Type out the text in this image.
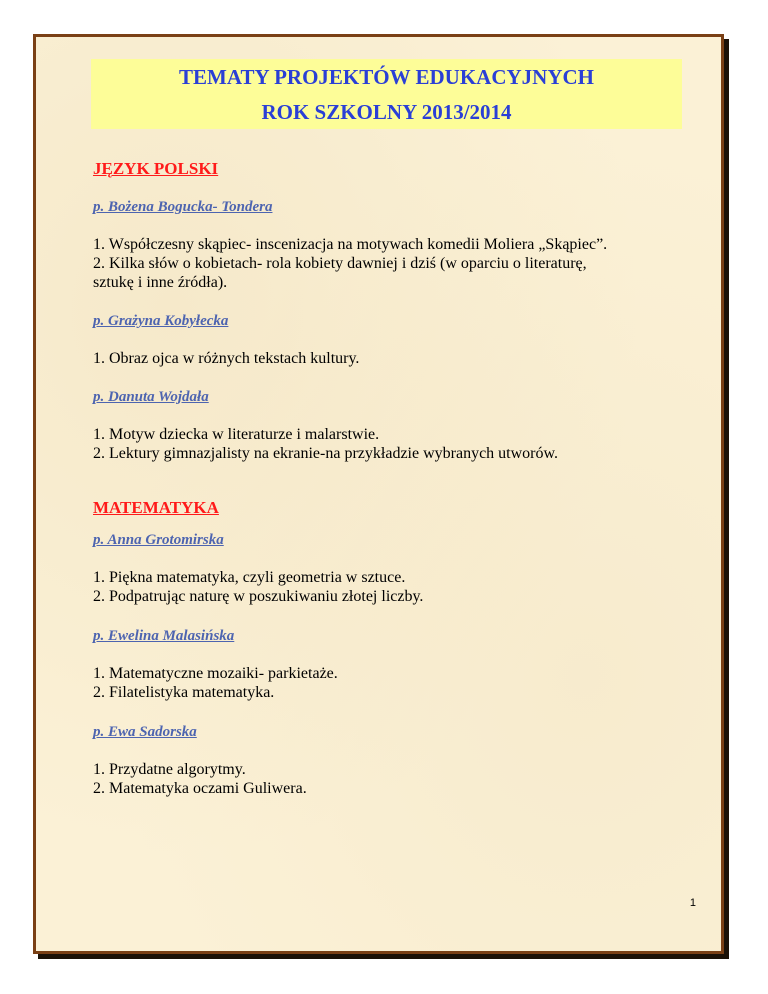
TEMATY PROJEKTÓW EDUKACYJNYCH
ROK SZKOLNY 2013/2014
JĘZYK POLSKI
p. Bożena Bogucka- Tondera
1. Współczesny skąpiec- inscenizacja na motywach komedii Moliera „Skąpiec”.
2. Kilka słów o kobietach- rola kobiety dawniej i dziś (w oparciu o literaturę,
sztukę i inne źródła).
p. Grażyna Kobyłecka
1. Obraz ojca w różnych tekstach kultury.
p. Danuta Wojdała
1. Motyw dziecka w literaturze i malarstwie.
2. Lektury gimnazjalisty na ekranie-na przykładzie wybranych utworów.
MATEMATYKA
p. Anna Grotomirska
1. Piękna matematyka, czyli geometria w sztuce.
2. Podpatrując naturę w poszukiwaniu złotej liczby.
p. Ewelina Malasińska
1. Matematyczne mozaiki- parkietaże.
2. Filatelistyka matematyka.
p. Ewa Sadorska
1. Przydatne algorytmy.
2. Matematyka oczami Guliwera.
1
